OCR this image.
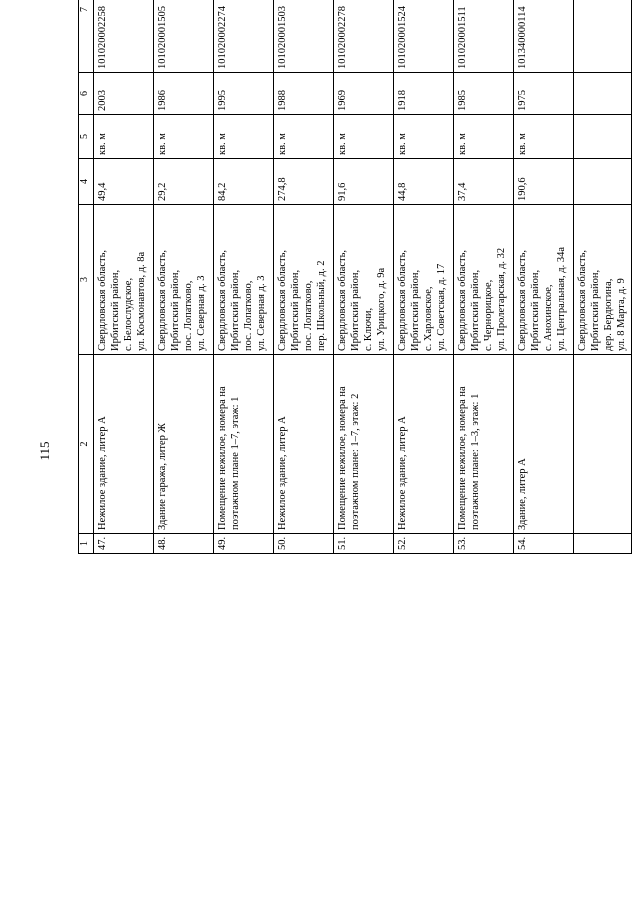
115
1	2	3	4	5	6	7	
47.	Нежилое здание, литер А	Свердловская область, Ирбитский район, с. Белослудское, ул. Космонавтов, д. 8а	49,4	кв. м	2003	101020002258	
48.	Здание гаража, литер Ж	Свердловская область, Ирбитский район, пос. Лопатково, ул. Северная д. 3	29,2	кв. м	1986	101020001505	
49.	Помещение нежилое, номера на поэтажном плане 1–7, этаж: 1	Свердловская область, Ирбитский район, пос. Лопатково, ул. Северная д. 3	84,2	кв. м	1995	101020002274	
50.	Нежилое здание, литер А	Свердловская область, Ирбитский район, пос. Лопатково, пер. Школьный, д. 2	274,8	кв. м	1988	101020001503	
51.	Помещение нежилое, номера на поэтажном плане: 1–7, этаж: 2	Свердловская область, Ирбитский район, с. Ключи, ул. Урицкого, д. 9а	91,6	кв. м	1969	101020002278	
52.	Нежилое здание, литер А	Свердловская область, Ирбитский район, с. Харловское, ул. Советская, д. 17	44,8	кв. м	1918	101020001524	
53.	Помещение нежилое, номера на поэтажном плане: 1–3, этаж: 1	Свердловская область, Ирбитский район, с. Чернорицкое, ул. Пролетарская, д. 32	37,4	кв. м	1985	101020001511	
54.	Здание, литер А	Свердловская область, Ирбитский район, с. Анохинское, ул. Центральная, д. 34а	190,6	кв. м	1975	101340000114	

		Свердловская область, Ирбитский район, дер. Бердюгина, ул. 8 Марта, д. 9					
